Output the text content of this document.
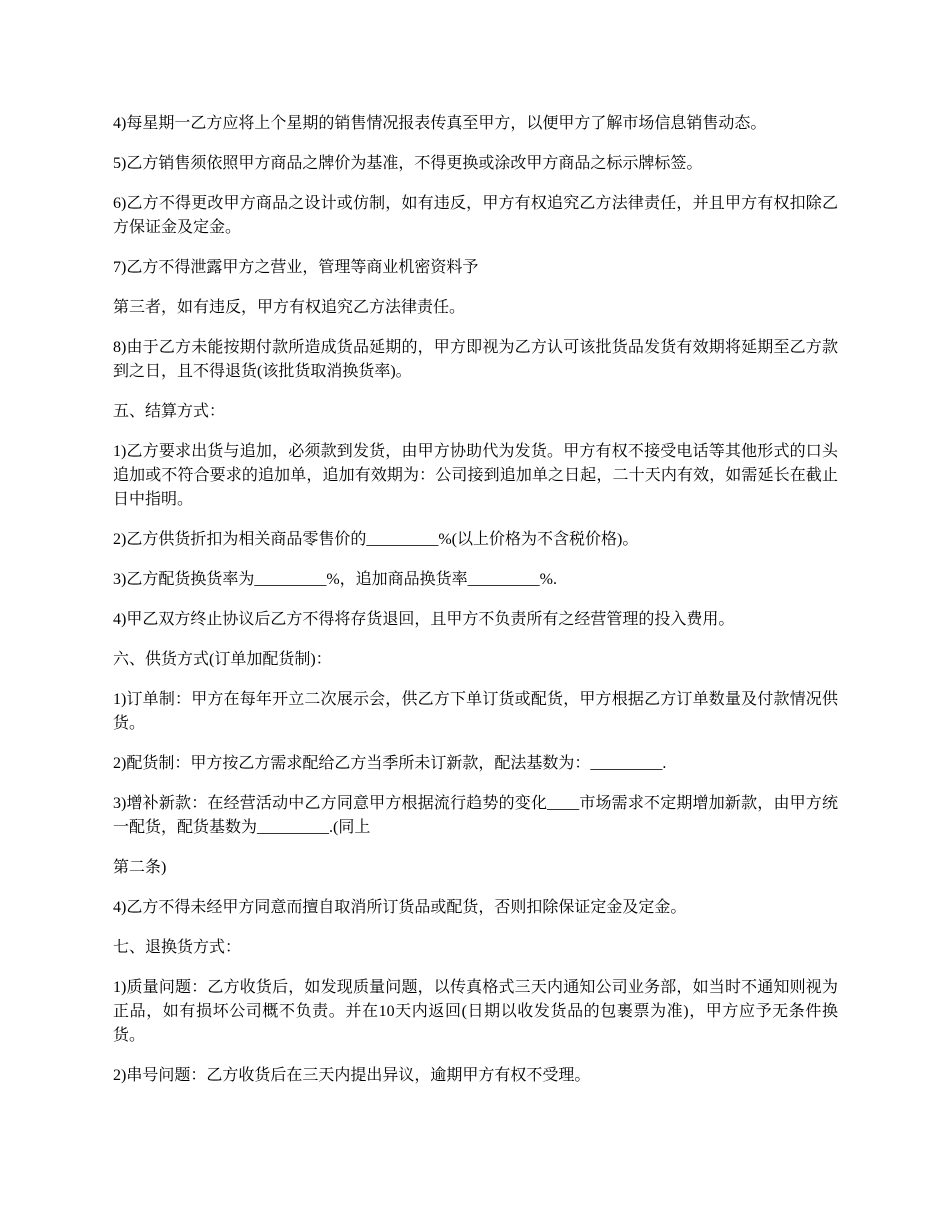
4)每星期一乙方应将上个星期的销售情况报表传真至甲方，以便甲方了解市场信息销售动态。

5)乙方销售须依照甲方商品之牌价为基准，不得更换或涂改甲方商品之标示牌标签。

6)乙方不得更改甲方商品之设计或仿制，如有违反，甲方有权追究乙方法律责任，并且甲方有权扣除乙方保证金及定金。

7)乙方不得泄露甲方之营业，管理等商业机密资料予

第三者，如有违反，甲方有权追究乙方法律责任。

8)由于乙方未能按期付款所造成货品延期的，甲方即视为乙方认可该批货品发货有效期将延期至乙方款到之日，且不得退货(该批货取消换货率)。

五、结算方式：

1)乙方要求出货与追加，必须款到发货，由甲方协助代为发货。甲方有权不接受电话等其他形式的口头追加或不符合要求的追加单，追加有效期为：公司接到追加单之日起，二十天内有效，如需延长在截止日中指明。

2)乙方供货折扣为相关商品零售价的_________%(以上价格为不含税价格)。

3)乙方配货换货率为_________%，追加商品换货率_________%.

4)甲乙双方终止协议后乙方不得将存货退回，且甲方不负责所有之经营管理的投入费用。

六、供货方式(订单加配货制)：

1)订单制：甲方在每年开立二次展示会，供乙方下单订货或配货，甲方根据乙方订单数量及付款情况供货。

2)配货制：甲方按乙方需求配给乙方当季所未订新款，配法基数为：_________.

3)增补新款：在经营活动中乙方同意甲方根据流行趋势的变化____市场需求不定期增加新款，由甲方统一配货，配货基数为_________.(同上

第二条)

4)乙方不得未经甲方同意而擅自取消所订货品或配货，否则扣除保证定金及定金。

七、退换货方式：

1)质量问题：乙方收货后，如发现质量问题，以传真格式三天内通知公司业务部，如当时不通知则视为正品，如有损坏公司概不负责。并在10天内返回(日期以收发货品的包裹票为准)，甲方应予无条件换货。

2)串号问题：乙方收货后在三天内提出异议，逾期甲方有权不受理。
